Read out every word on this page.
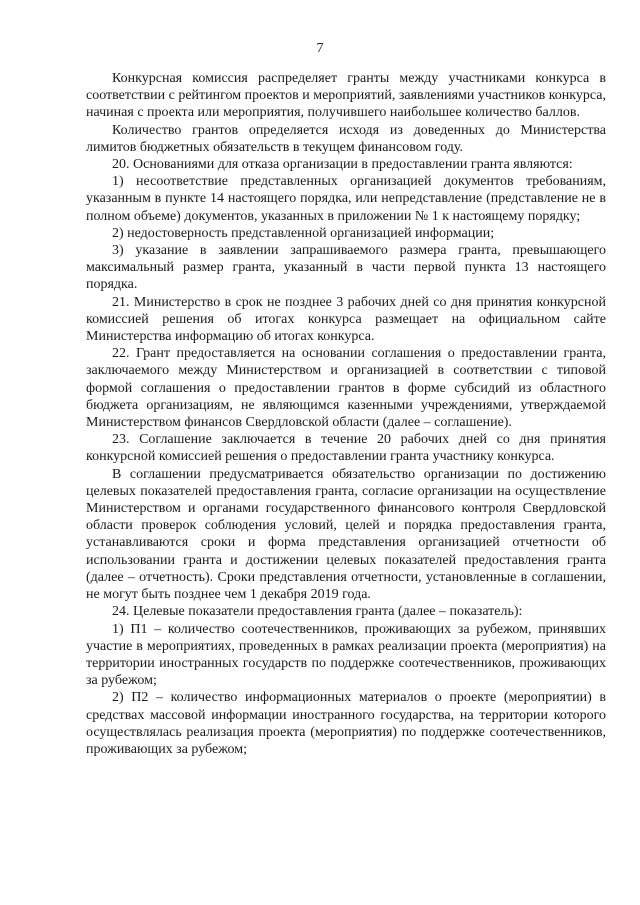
7

Конкурсная комиссия распределяет гранты между участниками конкурса в соответствии с рейтингом проектов и мероприятий, заявлениями участников конкурса, начиная с проекта или мероприятия, получившего наибольшее количество баллов.

Количество грантов определяется исходя из доведенных до Министерства лимитов бюджетных обязательств в текущем финансовом году.

20. Основаниями для отказа организации в предоставлении гранта являются:

1) несоответствие представленных организацией документов требованиям, указанным в пункте 14 настоящего порядка, или непредставление (представление не в полном объеме) документов, указанных в приложении № 1 к настоящему порядку;

2) недостоверность представленной организацией информации;

3) указание в заявлении запрашиваемого размера гранта, превышающего максимальный размер гранта, указанный в части первой пункта 13 настоящего порядка.

21. Министерство в срок не позднее 3 рабочих дней со дня принятия конкурсной комиссией решения об итогах конкурса размещает на официальном сайте Министерства информацию об итогах конкурса.

22. Грант предоставляется на основании соглашения о предоставлении гранта, заключаемого между Министерством и организацией в соответствии с типовой формой соглашения о предоставлении грантов в форме субсидий из областного бюджета организациям, не являющимся казенными учреждениями, утверждаемой Министерством финансов Свердловской области (далее – соглашение).

23. Соглашение заключается в течение 20 рабочих дней со дня принятия конкурсной комиссией решения о предоставлении гранта участнику конкурса.

В соглашении предусматривается обязательство организации по достижению целевых показателей предоставления гранта, согласие организации на осуществление Министерством и органами государственного финансового контроля Свердловской области проверок соблюдения условий, целей и порядка предоставления гранта, устанавливаются сроки и форма представления организацией отчетности об использовании гранта и достижении целевых показателей предоставления гранта (далее – отчетность). Сроки представления отчетности, установленные в соглашении, не могут быть позднее чем 1 декабря 2019 года.

24. Целевые показатели предоставления гранта (далее – показатель):

1) П1 – количество соотечественников, проживающих за рубежом, принявших участие в мероприятиях, проведенных в рамках реализации проекта (мероприятия) на территории иностранных государств по поддержке соотечественников, проживающих за рубежом;

2) П2 – количество информационных материалов о проекте (мероприятии) в средствах массовой информации иностранного государства, на территории которого осуществлялась реализация проекта (мероприятия) по поддержке соотечественников, проживающих за рубежом;
